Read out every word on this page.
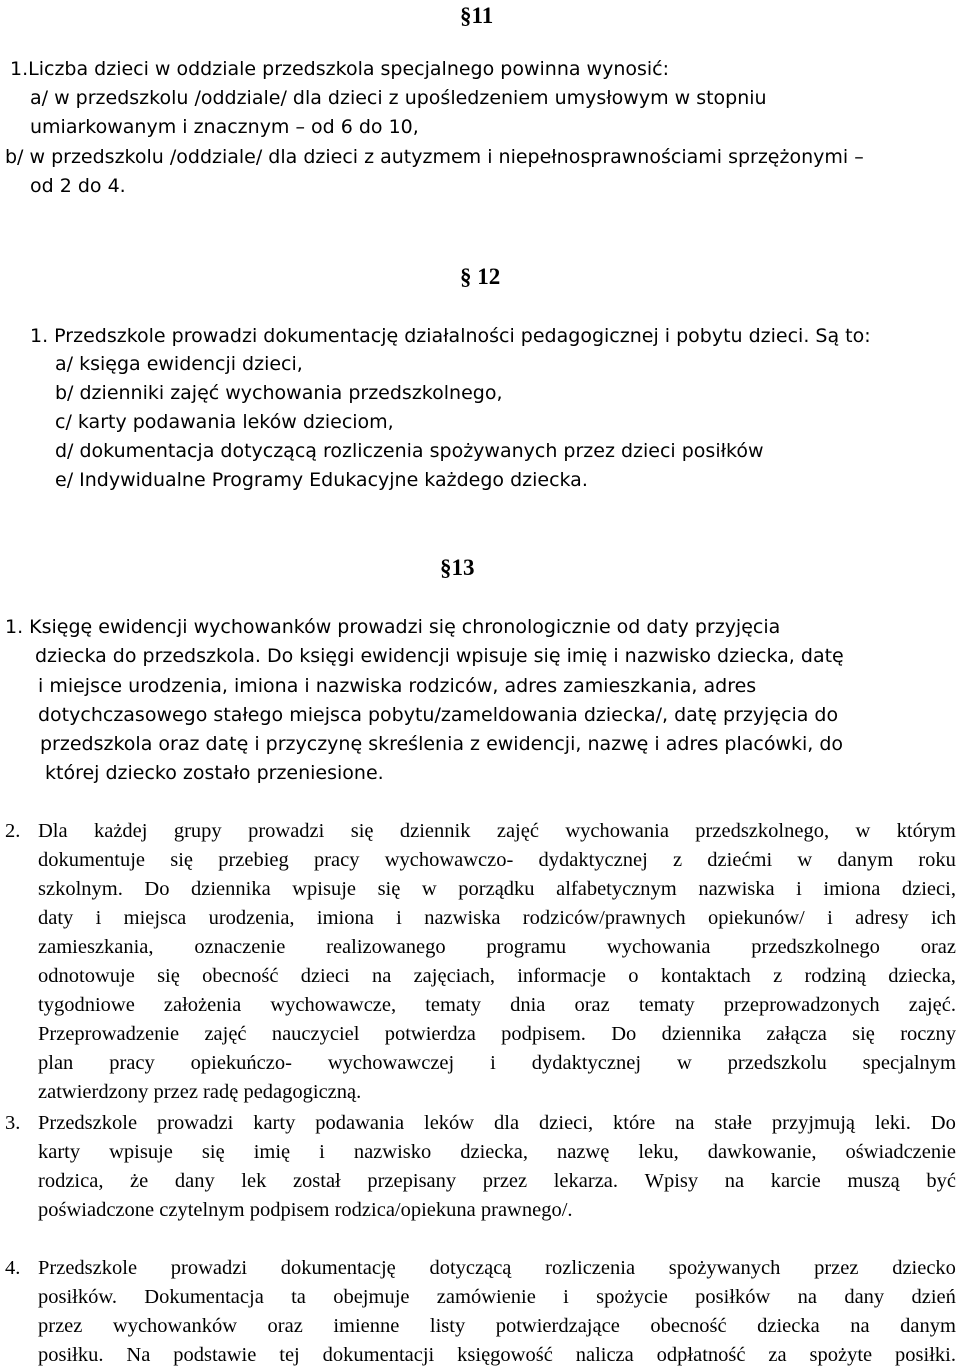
§11
1.Liczba dzieci w oddziale przedszkola specjalnego powinna wynosić:
a/ w przedszkolu /oddziale/ dla dzieci z upośledzeniem umysłowym w stopniu
umiarkowanym i znacznym – od 6 do 10,
b/ w przedszkolu /oddziale/ dla dzieci z autyzmem i niepełnosprawnościami sprzężonymi –
od 2 do 4.
§ 12
1. Przedszkole prowadzi dokumentację działalności pedagogicznej i pobytu dzieci. Są to:
a/ księga ewidencji dzieci,
b/ dzienniki zajęć wychowania przedszkolnego,
c/ karty podawania leków dzieciom,
d/ dokumentacja dotyczącą rozliczenia spożywanych przez dzieci posiłków
e/ Indywidualne Programy Edukacyjne każdego dziecka.
§13
1. Księgę ewidencji wychowanków prowadzi się chronologicznie od daty przyjęcia
dziecka do przedszkola. Do księgi ewidencji wpisuje się imię i nazwisko dziecka, datę
i miejsce urodzenia, imiona i nazwiska rodziców, adres zamieszkania, adres
dotychczasowego stałego miejsca pobytu/zameldowania dziecka/, datę przyjęcia do
przedszkola oraz datę i przyczynę skreślenia z ewidencji, nazwę i adres placówki, do
której dziecko zostało przeniesione.
2. Dla każdej grupy prowadzi się dziennik zajęć wychowania przedszkolnego, w którym
dokumentuje się przebieg pracy wychowawczo- dydaktycznej z dziećmi w danym roku
szkolnym. Do dziennika wpisuje się w porządku alfabetycznym nazwiska i imiona dzieci,
daty i miejsca urodzenia, imiona i nazwiska rodziców/prawnych opiekunów/ i adresy ich
zamieszkania, oznaczenie realizowanego programu wychowania przedszkolnego oraz
odnotowuje się obecność dzieci na zajęciach, informacje o kontaktach z rodziną dziecka,
tygodniowe założenia wychowawcze, tematy dnia oraz tematy przeprowadzonych zajęć.
Przeprowadzenie zajęć nauczyciel potwierdza podpisem. Do dziennika załącza się roczny
plan pracy opiekuńczo- wychowawczej i dydaktycznej w przedszkolu specjalnym
zatwierdzony przez radę pedagogiczną.
3. Przedszkole prowadzi karty podawania leków dla dzieci, które na stałe przyjmują leki. Do
karty wpisuje się imię i nazwisko dziecka, nazwę leku, dawkowanie, oświadczenie
rodzica, że dany lek został przepisany przez lekarza. Wpisy na karcie muszą być
poświadczone czytelnym podpisem rodzica/opiekuna prawnego/.
4. Przedszkole prowadzi dokumentację dotyczącą rozliczenia spożywanych przez dziecko
posiłków. Dokumentacja ta obejmuje zamówienie i spożycie posiłków na dany dzień
przez wychowanków oraz imienne listy potwierdzające obecność dziecka na danym
posiłku. Na podstawie tej dokumentacji księgowość nalicza odpłatność za spożyte posiłki.
